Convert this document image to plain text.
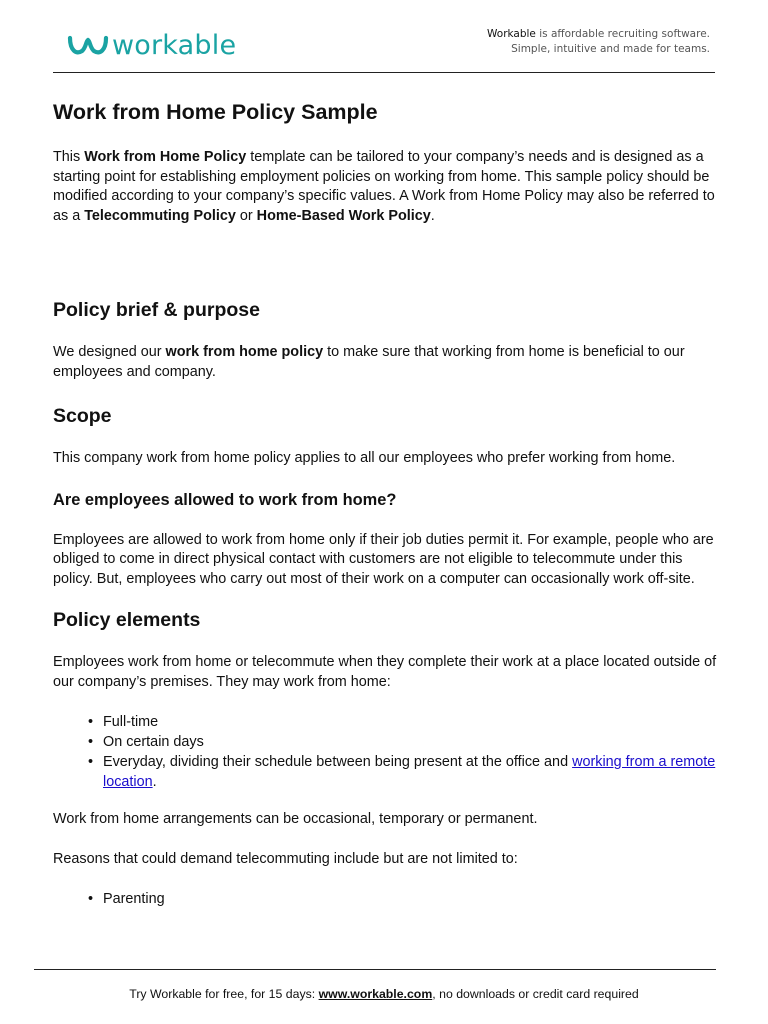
workable	Workable is affordable recruiting software.
Simple, intuitive and made for teams.
Work from Home Policy Sample

This Work from Home Policy template can be tailored to your company’s needs and is designed as a starting point for establishing employment policies on working from home. This sample policy should be modified according to your company’s specific values. A Work from Home Policy may also be referred to as a Telecommuting Policy or Home-Based Work Policy.

Policy brief & purpose

We designed our work from home policy to make sure that working from home is beneficial to our employees and company.

Scope

This company work from home policy applies to all our employees who prefer working from home.

Are employees allowed to work from home?

Employees are allowed to work from home only if their job duties permit it. For example, people who are obliged to come in direct physical contact with customers are not eligible to telecommute under this policy. But, employees who carry out most of their work on a computer can occasionally work off-site.

Policy elements

Employees work from home or telecommute when they complete their work at a place located outside of our company’s premises. They may work from home:

• Full-time
• On certain days
• Everyday, dividing their schedule between being present at the office and working from a remote location.

Work from home arrangements can be occasional, temporary or permanent.

Reasons that could demand telecommuting include but are not limited to:

• Parenting
Try Workable for free, for 15 days: www.workable.com, no downloads or credit card required
